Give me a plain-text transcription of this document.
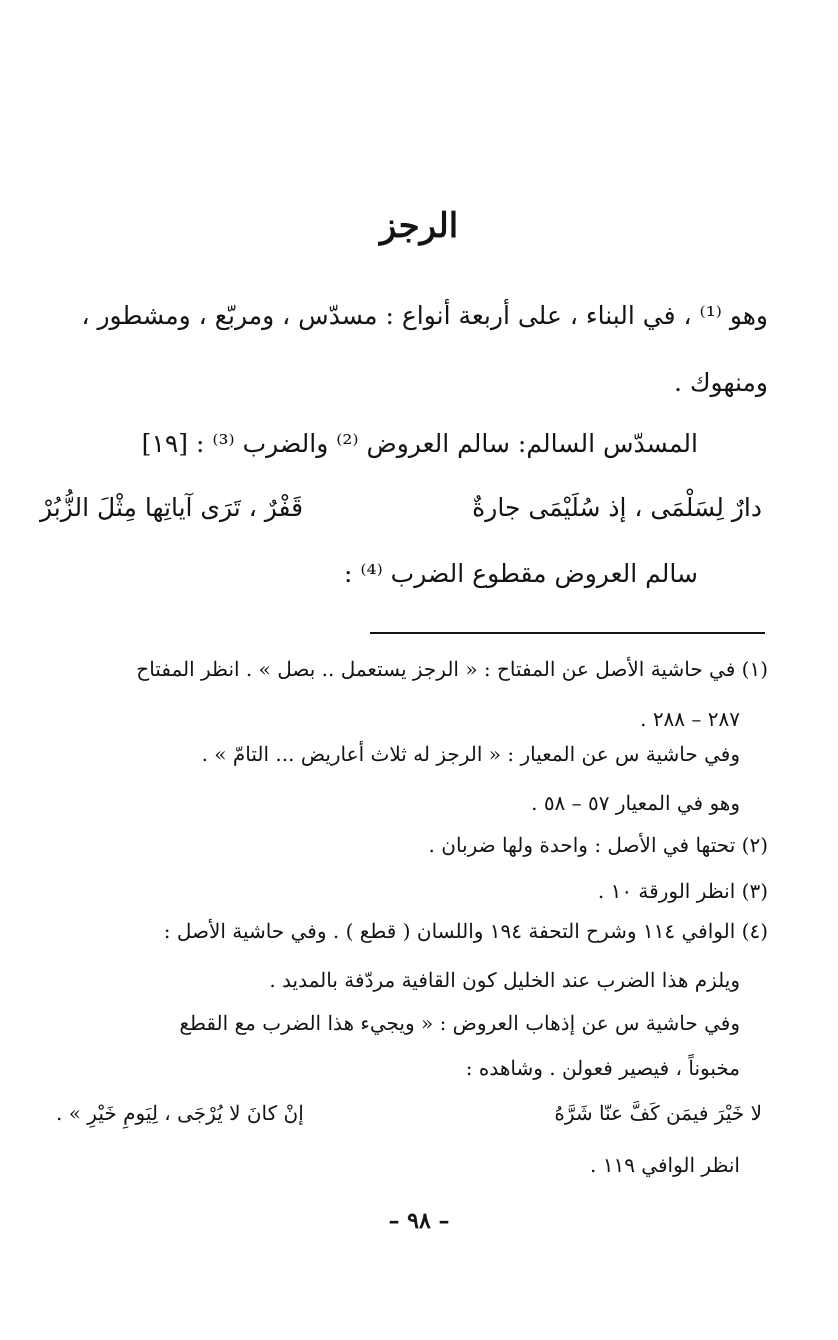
الرجز
وهو ⁽¹⁾ ، في البناء ، على أربعة أنواع : مسدّس ، ومربّع ، ومشطور ،
ومنهوك .
المسدّس السالم: سالم العروض ⁽²⁾ والضرب ⁽³⁾ : [١٩]
دارٌ لِسَلْمَى ، إذ سُلَيْمَى جارةٌ
قَفْرٌ ، تَرَى آياتِها مِثْلَ الزُّبُرْ
سالم العروض مقطوع الضرب ⁽⁴⁾ :
(١) في حاشية الأصل عن المفتاح : « الرجز يستعمل .. بصل » . انظر المفتاح
٢٨٧ – ٢٨٨ .
وفي حاشية س عن المعيار : « الرجز له ثلاث أعاريض ... التامّ » .
وهو في المعيار ٥٧ – ٥٨ .
(٢) تحتها في الأصل : واحدة ولها ضربان .
(٣) انظر الورقة ١٠ .
(٤) الوافي ١١٤ وشرح التحفة ١٩٤ واللسان ( قطع ) . وفي حاشية الأصل :
ويلزم هذا الضرب عند الخليل كون القافية مردّفة بالمديد .
وفي حاشية س عن إذهاب العروض : « ويجيء هذا الضرب مع القطع
مخبوناً ، فيصير فعولن . وشاهده :
لا خَيْرَ فيمَن كَفَّ عنّا شَرَّهُ
إنْ كانَ لا يُرْجَى ، لِيَومِ خَيْرِ » .
انظر الوافي ١١٩ .
– ٩٨ –
